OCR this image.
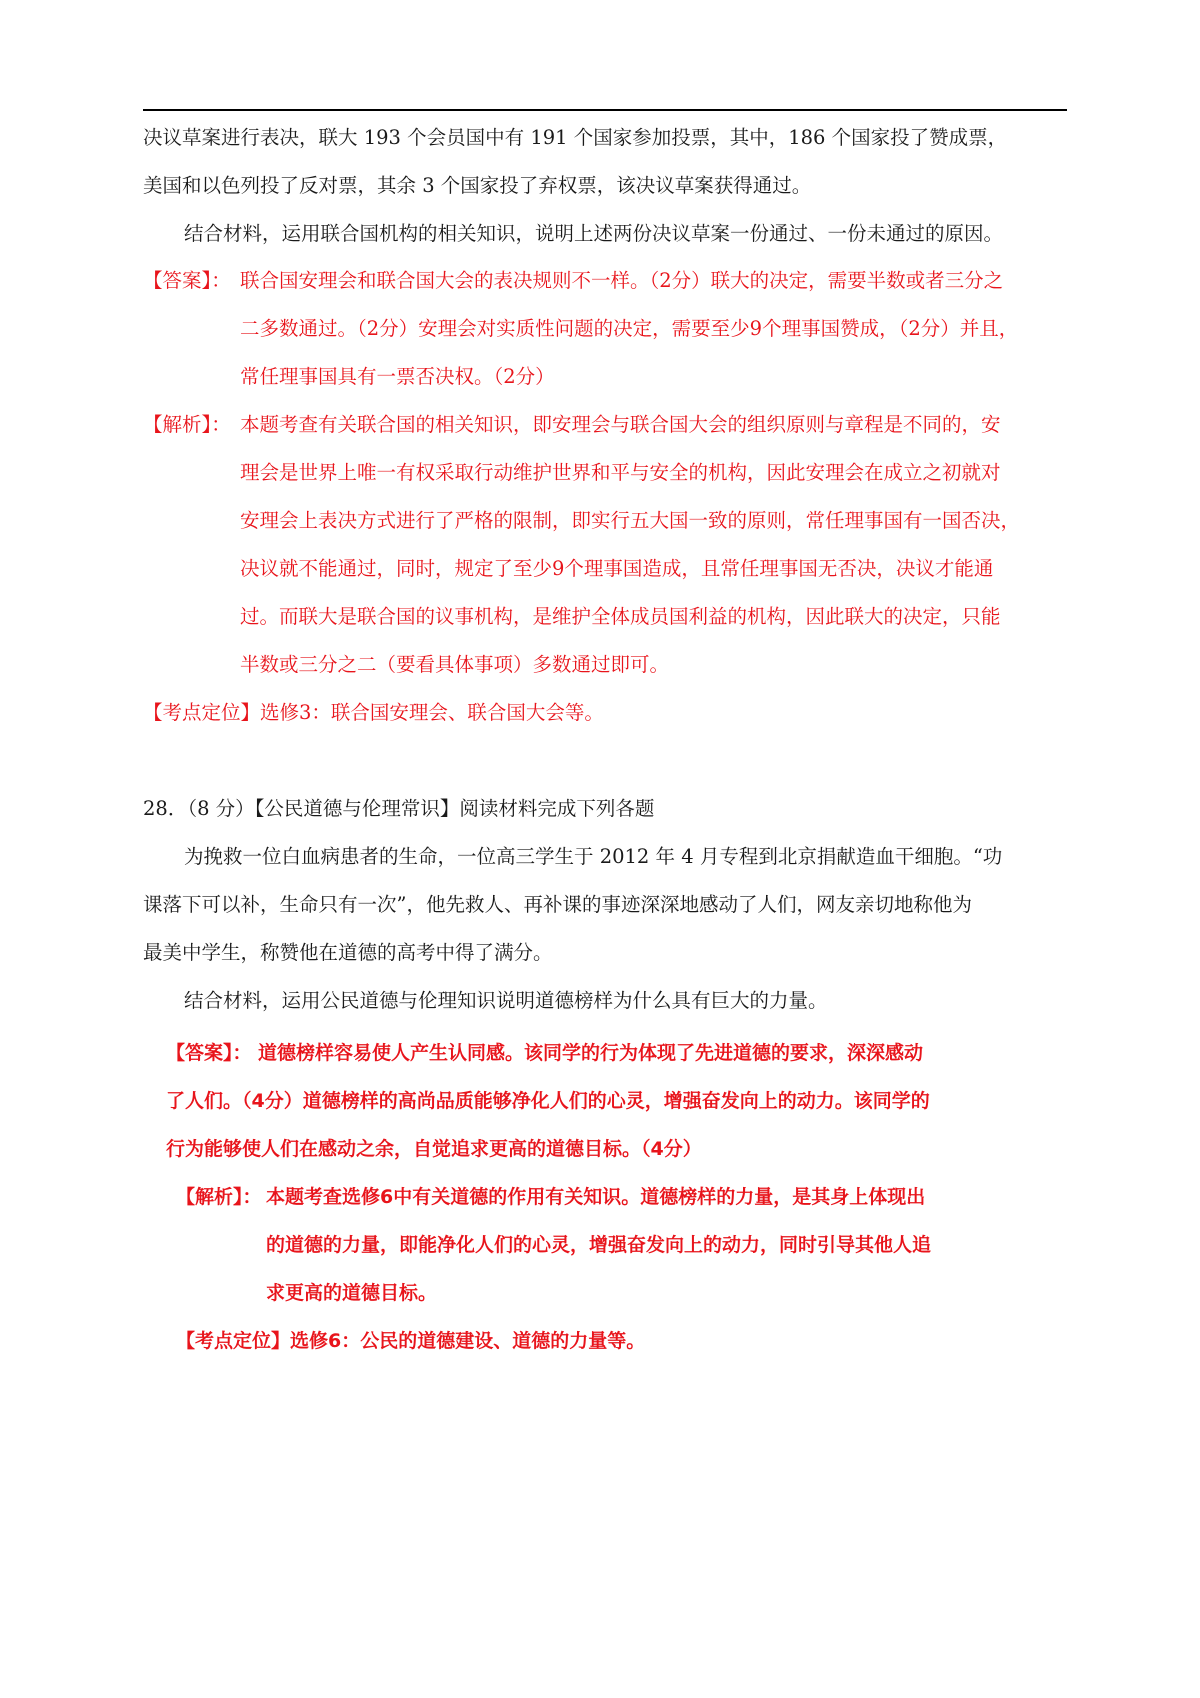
决议草案进行表决，联大 193 个会员国中有 191 个国家参加投票，其中，186 个国家投了赞成票，
美国和以色列投了反对票，其余 3 个国家投了弃权票，该决议草案获得通过。
结合材料，运用联合国机构的相关知识，说明上述两份决议草案一份通过、一份未通过的原因。
【答案】： 联合国安理会和联合国大会的表决规则不一样。（2分）联大的决定，需要半数或者三分之
二多数通过。（2分）安理会对实质性问题的决定，需要至少9个理事国赞成，（2分）并且，
常任理事国具有一票否决权。（2分）
【解析】： 本题考查有关联合国的相关知识，即安理会与联合国大会的组织原则与章程是不同的，安
理会是世界上唯一有权采取行动维护世界和平与安全的机构，因此安理会在成立之初就对
安理会上表决方式进行了严格的限制，即实行五大国一致的原则，常任理事国有一国否决，
决议就不能通过，同时，规定了至少9个理事国造成，且常任理事国无否决，决议才能通
过。而联大是联合国的议事机构，是维护全体成员国利益的机构，因此联大的决定，只能
半数或三分之二（要看具体事项）多数通过即可。
【考点定位】选修3：联合国安理会、联合国大会等。
28．（8 分）【公民道德与伦理常识】阅读材料完成下列各题
为挽救一位白血病患者的生命，一位高三学生于 2012 年 4 月专程到北京捐献造血干细胞。“功
课落下可以补，生命只有一次”，他先救人、再补课的事迹深深地感动了人们，网友亲切地称他为
最美中学生，称赞他在道德的高考中得了满分。
结合材料，运用公民道德与伦理知识说明道德榜样为什么具有巨大的力量。
【答案】： 道德榜样容易使人产生认同感。该同学的行为体现了先进道德的要求，深深感动
了人们。（4分）道德榜样的高尚品质能够净化人们的心灵，增强奋发向上的动力。该同学的
行为能够使人们在感动之余，自觉追求更高的道德目标。（4分）
【解析】： 本题考查选修6中有关道德的作用有关知识。道德榜样的力量，是其身上体现出
的道德的力量，即能净化人们的心灵，增强奋发向上的动力，同时引导其他人追
求更高的道德目标。
【考点定位】选修6：公民的道德建设、道德的力量等。
